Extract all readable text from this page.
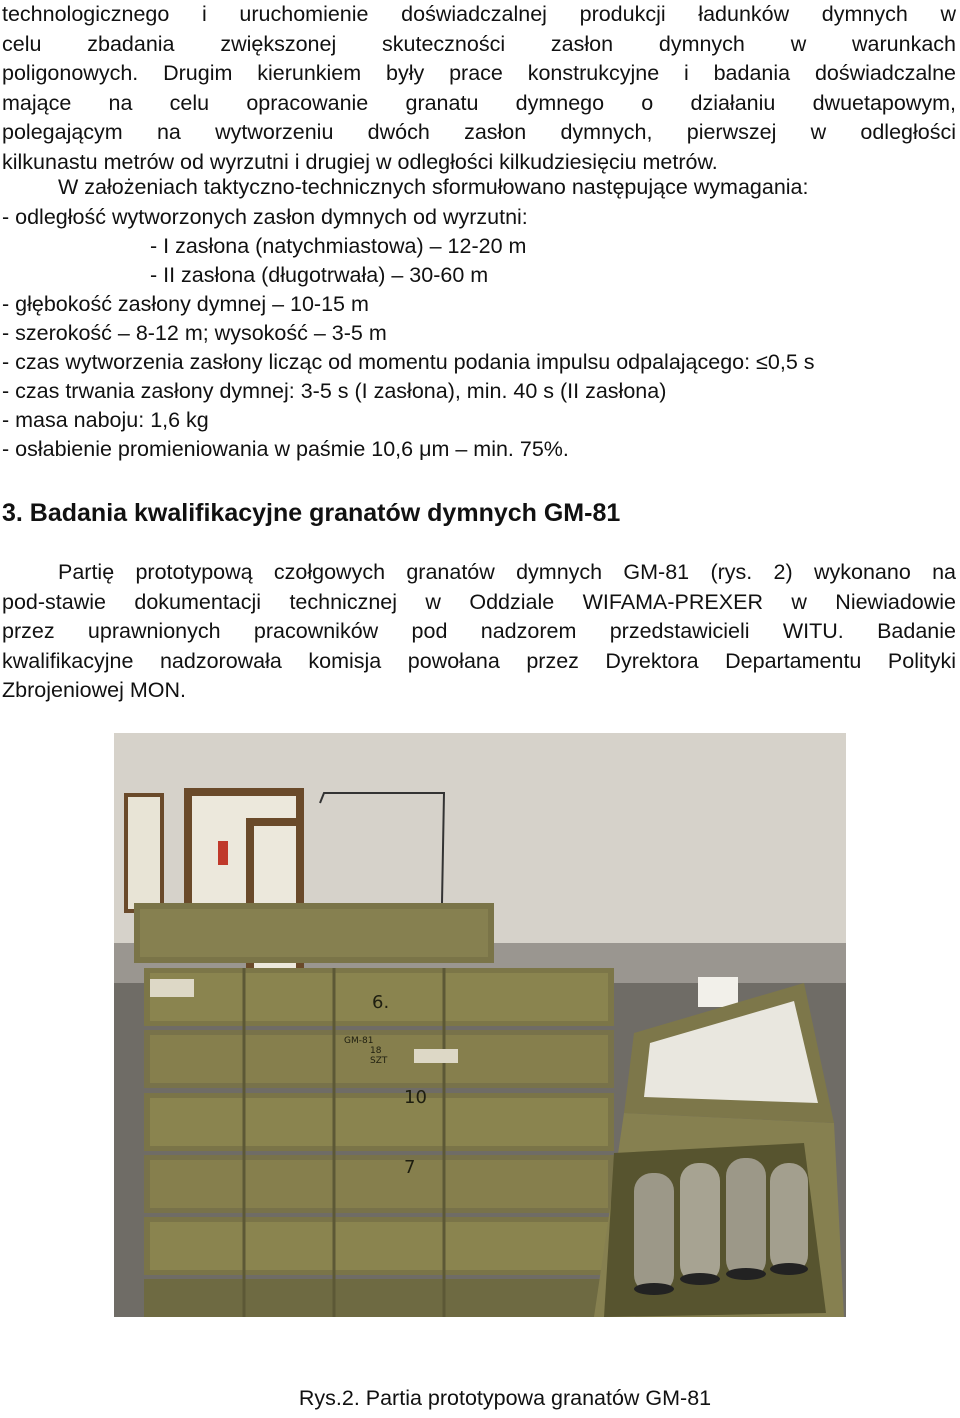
technologicznego i uruchomienie doświadczalnej produkcji ładunków dymnych w
celu zbadania zwiększonej skuteczności zasłon dymnych w warunkach
poligonowych. Drugim kierunkiem były prace konstrukcyjne i badania doświadczalne
mające na celu opracowanie granatu dymnego o działaniu dwuetapowym,
polegającym na wytworzeniu dwóch zasłon dymnych, pierwszej w odległości
kilkunastu metrów od wyrzutni i drugiej w odległości kilkudziesięciu metrów.
W założeniach taktyczno-technicznych sformułowano następujące wymagania:
- odległość wytworzonych zasłon dymnych od wyrzutni:
- I zasłona (natychmiastowa) – 12-20 m
- II zasłona (długotrwała) – 30-60 m
- głębokość zasłony dymnej – 10-15 m
- szerokość – 8-12 m; wysokość – 3-5 m
- czas wytworzenia zasłony licząc od momentu podania impulsu odpalającego: ≤0,5 s
- czas trwania zasłony dymnej: 3-5 s (I zasłona), min. 40 s (II zasłona)
- masa naboju: 1,6 kg
- osłabienie promieniowania w paśmie 10,6 μm – min. 75%.
3. Badania kwalifikacyjne granatów dymnych GM-81
Partię prototypową czołgowych granatów dymnych GM-81 (rys. 2) wykonano na
pod-stawie dokumentacji technicznej w Oddziale WIFAMA-PREXER w Niewiadowie
przez uprawnionych pracowników pod nadzorem przedstawicieli WITU. Badanie
kwalifikacyjne nadzorowała komisja powołana przez Dyrektora Departamentu Polityki
Zbrojeniowej MON.
6.
10
7
GM-81
18
SZT

Rys.2. Partia prototypowa granatów GM-81
